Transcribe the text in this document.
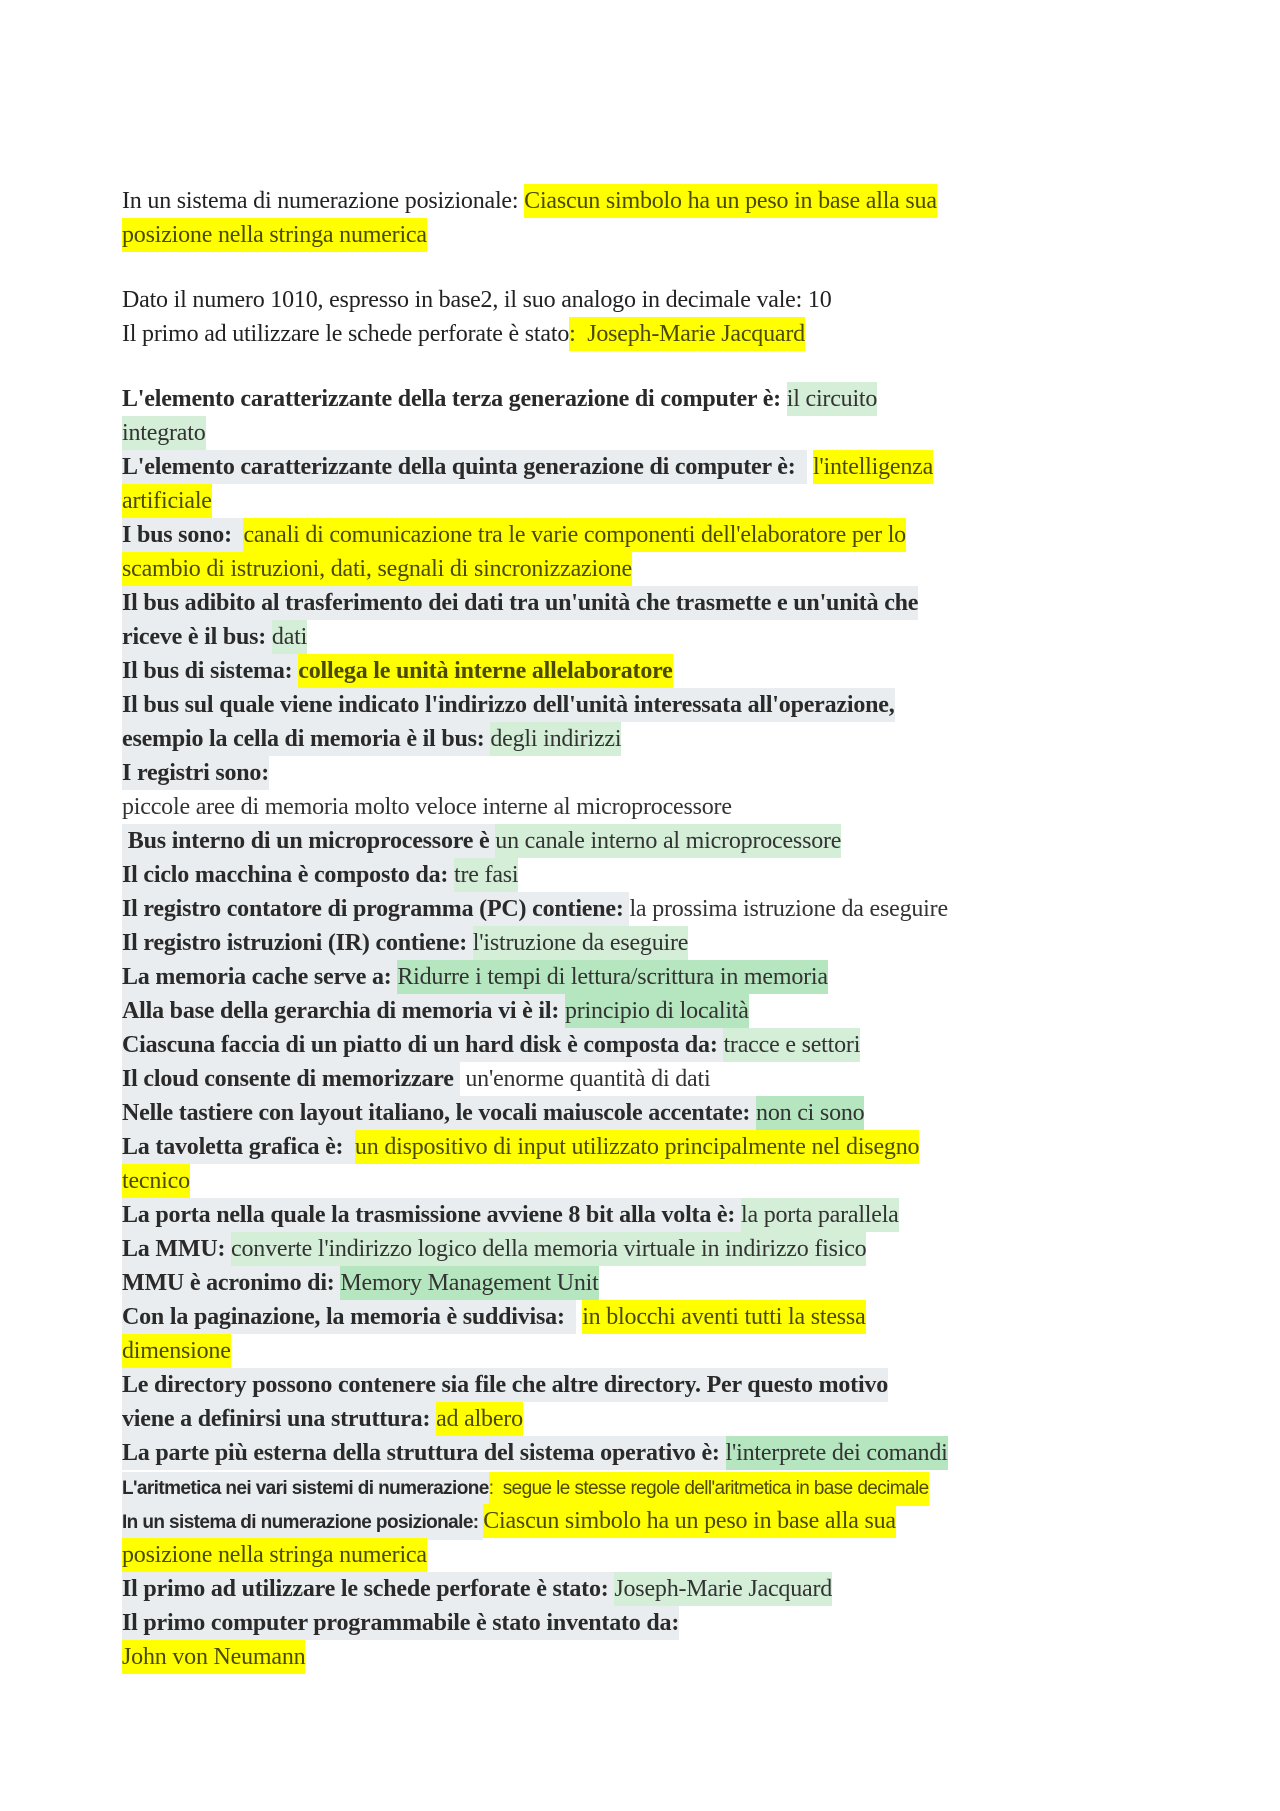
In un sistema di numerazione posizionale: Ciascun simbolo ha un peso in base alla sua
posizione nella stringa numerica
Dato il numero 1010, espresso in base2, il suo analogo in decimale vale: 10
Il primo ad utilizzare le schede perforate è stato:  Joseph-Marie Jacquard
L'elemento caratterizzante della terza generazione di computer è: il circuito
integrato
L'elemento caratterizzante della quinta generazione di computer è:   l'intelligenza
artificiale
I bus sono:  canali di comunicazione tra le varie componenti dell'elaboratore per lo
scambio di istruzioni, dati, segnali di sincronizzazione
Il bus adibito al trasferimento dei dati tra un'unità che trasmette e un'unità che
riceve è il bus: dati
Il bus di sistema: collega le unità interne allelaboratore
Il bus sul quale viene indicato l'indirizzo dell'unità interessata all'operazione,
esempio la cella di memoria è il bus: degli indirizzi
I registri sono:
piccole aree di memoria molto veloce interne al microprocessore
Bus interno di un microprocessore è un canale interno al microprocessore
Il ciclo macchina è composto da: tre fasi
Il registro contatore di programma (PC) contiene: la prossima istruzione da eseguire
Il registro istruzioni (IR) contiene: l'istruzione da eseguire
La memoria cache serve a: Ridurre i tempi di lettura/scrittura in memoria
Alla base della gerarchia di memoria vi è il: principio di località
Ciascuna faccia di un piatto di un hard disk è composta da: tracce e settori
Il cloud consente di memorizzare  un'enorme quantità di dati
Nelle tastiere con layout italiano, le vocali maiuscole accentate: non ci sono
La tavoletta grafica è:  un dispositivo di input utilizzato principalmente nel disegno
tecnico
La porta nella quale la trasmissione avviene 8 bit alla volta è: la porta parallela
La MMU: converte l'indirizzo logico della memoria virtuale in indirizzo fisico
MMU è acronimo di: Memory Management Unit
Con la paginazione, la memoria è suddivisa:   in blocchi aventi tutti la stessa
dimensione
Le directory possono contenere sia file che altre directory. Per questo motivo
viene a definirsi una struttura: ad albero
La parte più esterna della struttura del sistema operativo è: l'interprete dei comandi
L'aritmetica nei vari sistemi di numerazione:  segue le stesse regole dell'aritmetica in base decimale
In un sistema di numerazione posizionale: Ciascun simbolo ha un peso in base alla sua
posizione nella stringa numerica
Il primo ad utilizzare le schede perforate è stato: Joseph-Marie Jacquard
Il primo computer programmabile è stato inventato da:
John von Neumann
